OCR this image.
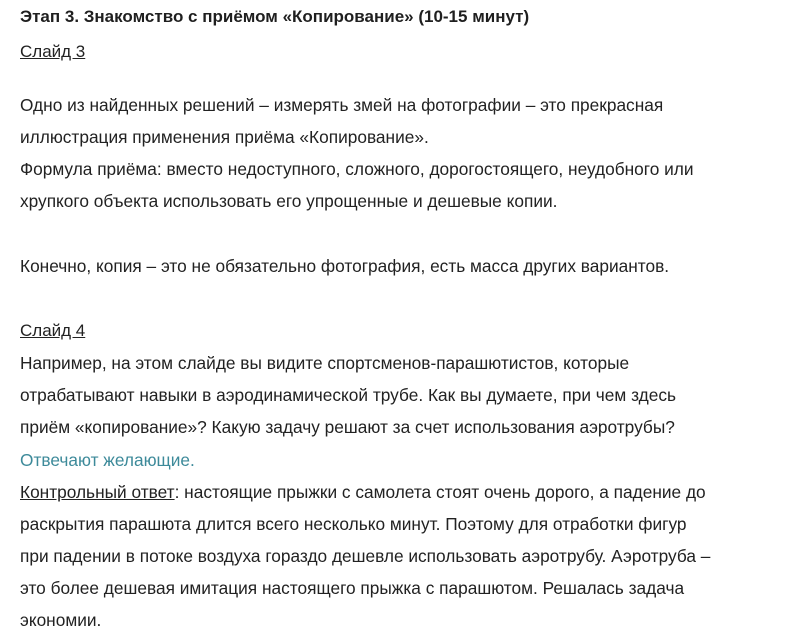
Этап 3. Знакомство с приёмом «Копирование» (10-15 минут)
Слайд 3
Одно из найденных решений – измерять змей на фотографии – это прекрасная
иллюстрация применения приёма «Копирование».
Формула приёма: вместо недоступного, сложного, дорогостоящего, неудобного или
хрупкого объекта использовать его упрощенные и дешевые копии.
Конечно, копия – это не обязательно фотография, есть масса других вариантов.
Слайд 4
Например, на этом слайде вы видите спортсменов-парашютистов, которые
отрабатывают навыки в аэродинамической трубе. Как вы думаете, при чем здесь
приём «копирование»? Какую задачу решают за счет использования аэротрубы?
Отвечают желающие.
Контрольный ответ: настоящие прыжки с самолета стоят очень дорого, а падение до
раскрытия парашюта длится всего несколько минут. Поэтому для отработки фигур
при падении в потоке воздуха гораздо дешевле использовать аэротрубу. Аэротруба –
это более дешевая имитация настоящего прыжка с парашютом. Решалась задача
экономии.
